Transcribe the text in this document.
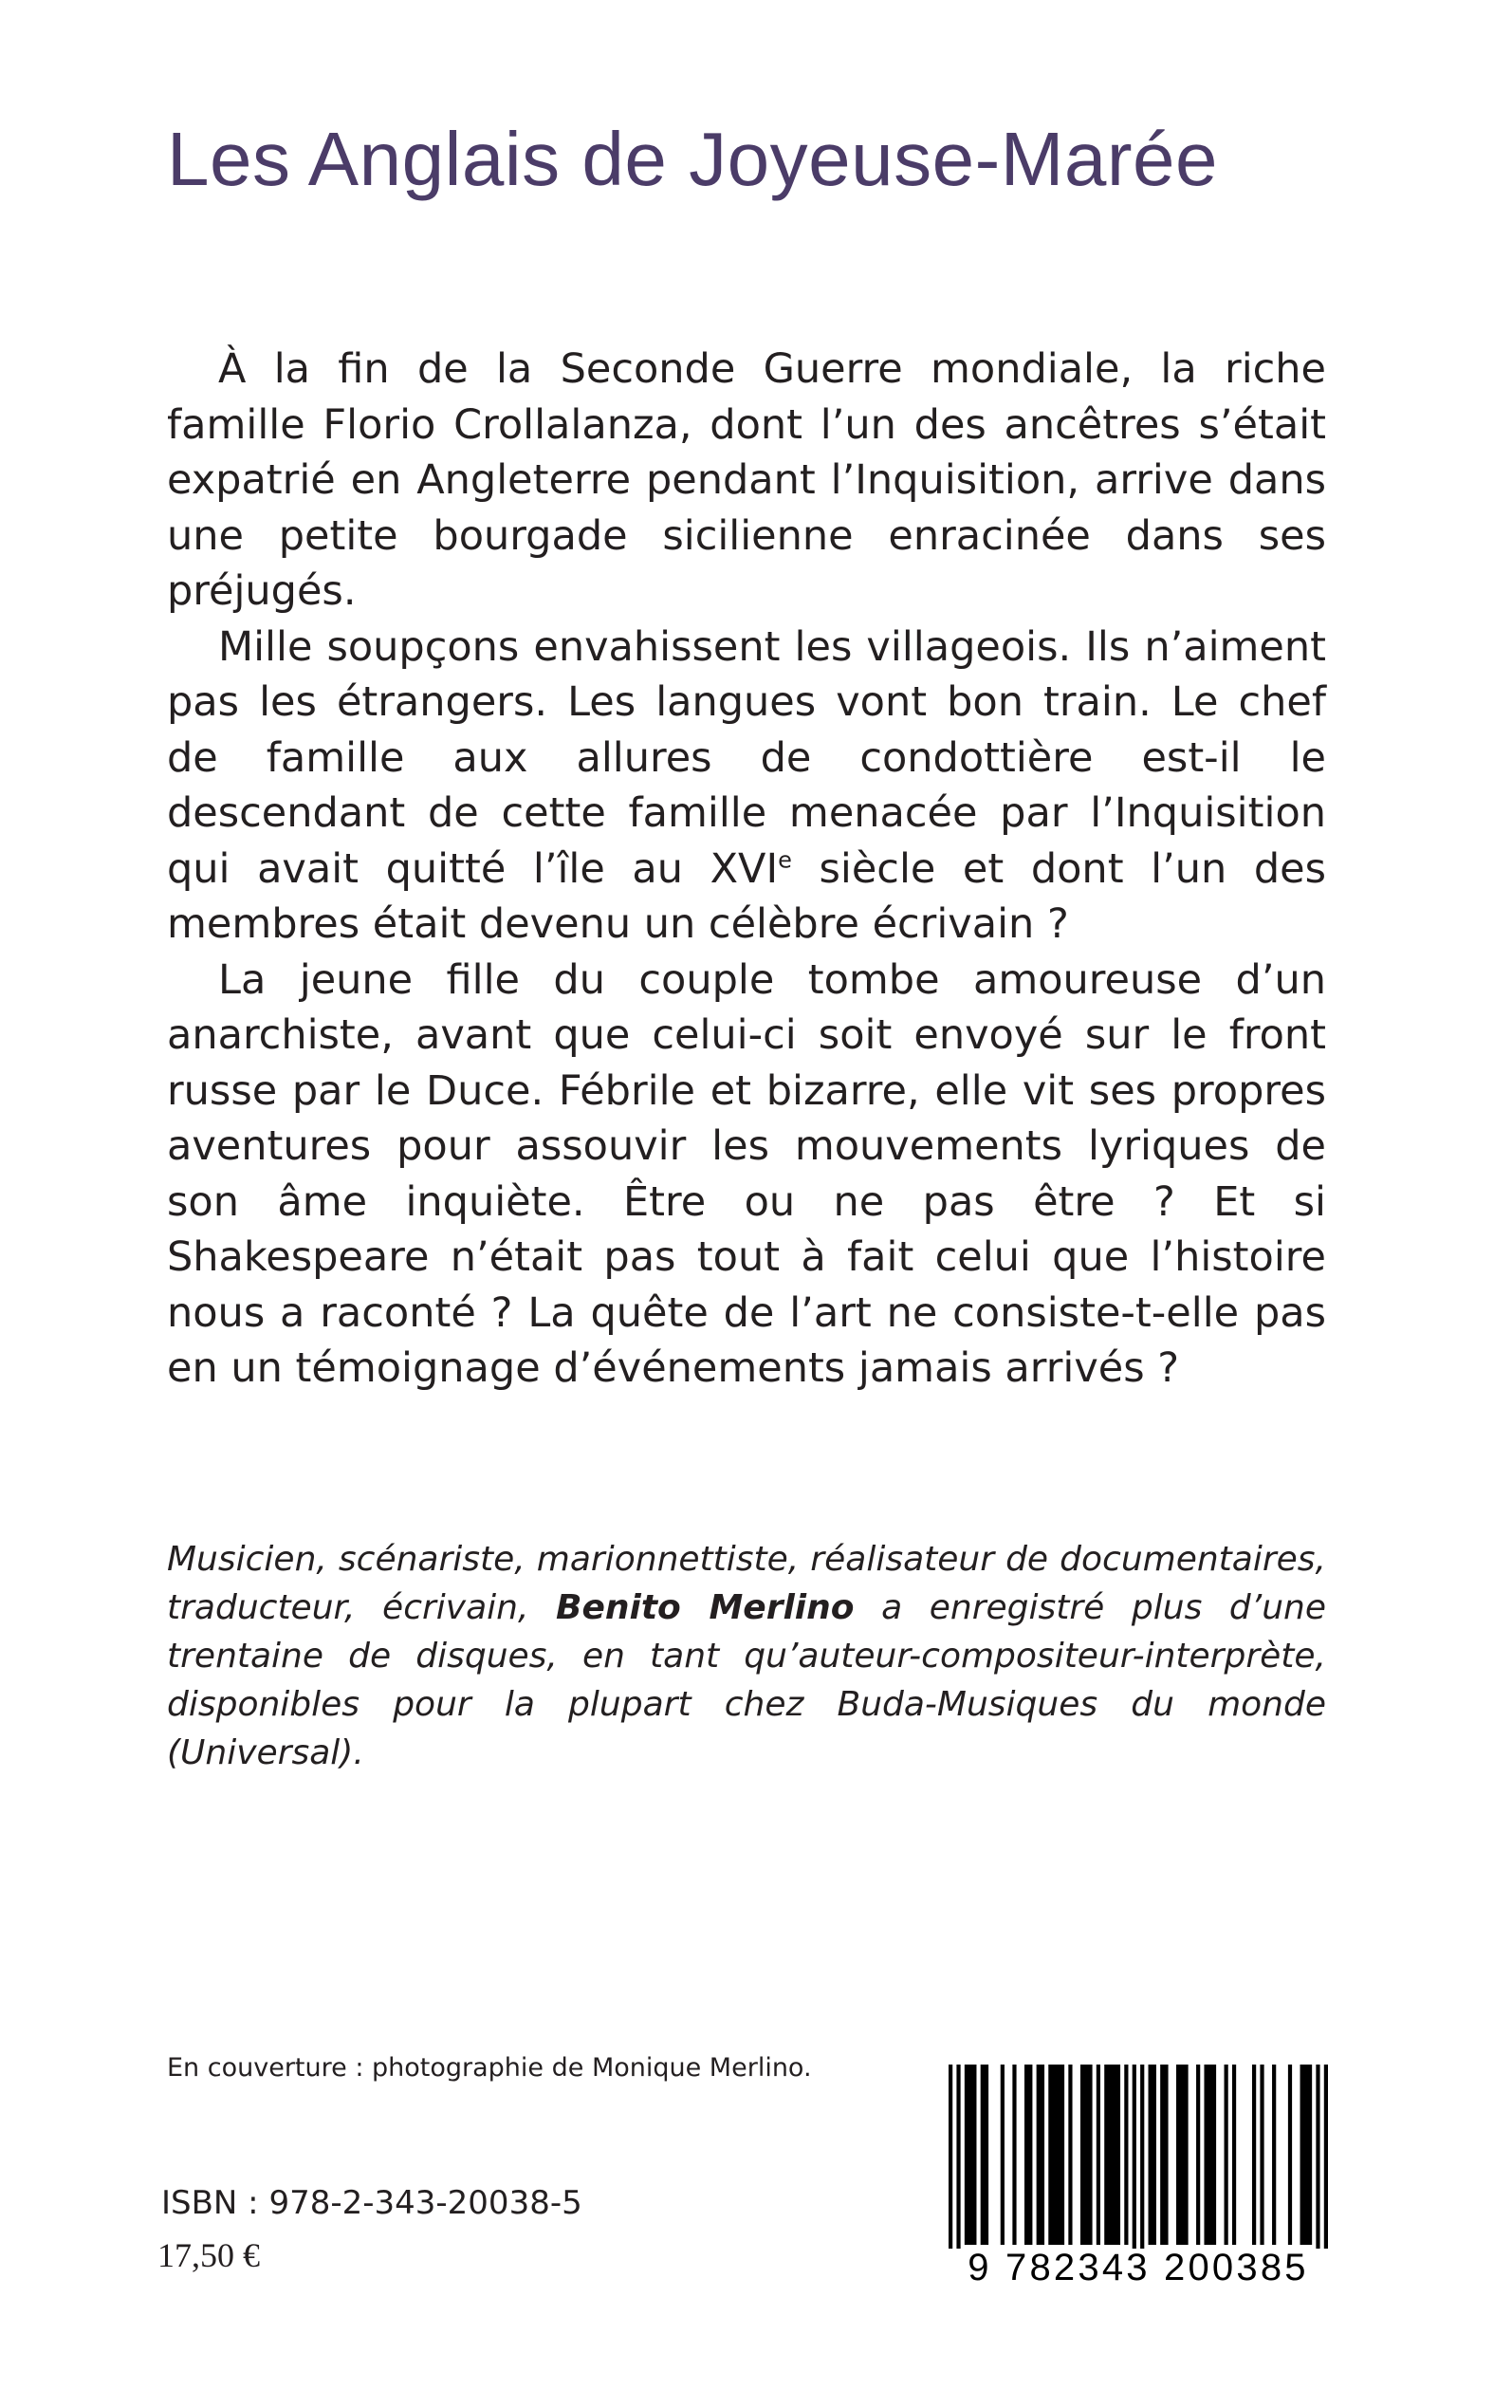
Les Anglais de Joyeuse-Marée

À la fin de la Seconde Guerre mondiale, la riche famille Florio Crollalanza, dont l’un des ancêtres s’était expatrié en Angleterre pendant l’Inquisition, arrive dans une petite bourgade sicilienne enracinée dans ses préjugés.

Mille soupçons envahissent les villageois. Ils n’aiment pas les étrangers. Les langues vont bon train. Le chef de famille aux allures de condottière est-il le descendant de cette famille menacée par l’Inquisition qui avait quitté l’île au XVIe siècle et dont l’un des membres était devenu un célèbre écrivain ?

La jeune fille du couple tombe amoureuse d’un anarchiste, avant que celui-ci soit envoyé sur le front russe par le Duce. Fébrile et bizarre, elle vit ses propres aventures pour assouvir les mouvements lyriques de son âme inquiète. Être ou ne pas être ? Et si Shakespeare n’était pas tout à fait celui que l’histoire nous a raconté ? La quête de l’art ne consiste-t-elle pas en un témoignage d’événements jamais arrivés ?

Musicien, scénariste, marionnettiste, réalisateur de documentaires, traducteur, écrivain, Benito Merlino a enregistré plus d’une trentaine de disques, en tant qu’auteur-compositeur-interprète, disponibles pour la plupart chez Buda-Musiques du monde (Universal).

En couverture : photographie de Monique Merlino.
ISBN : 978-2-343-20038-5
17,50 €	9 782343 200385
